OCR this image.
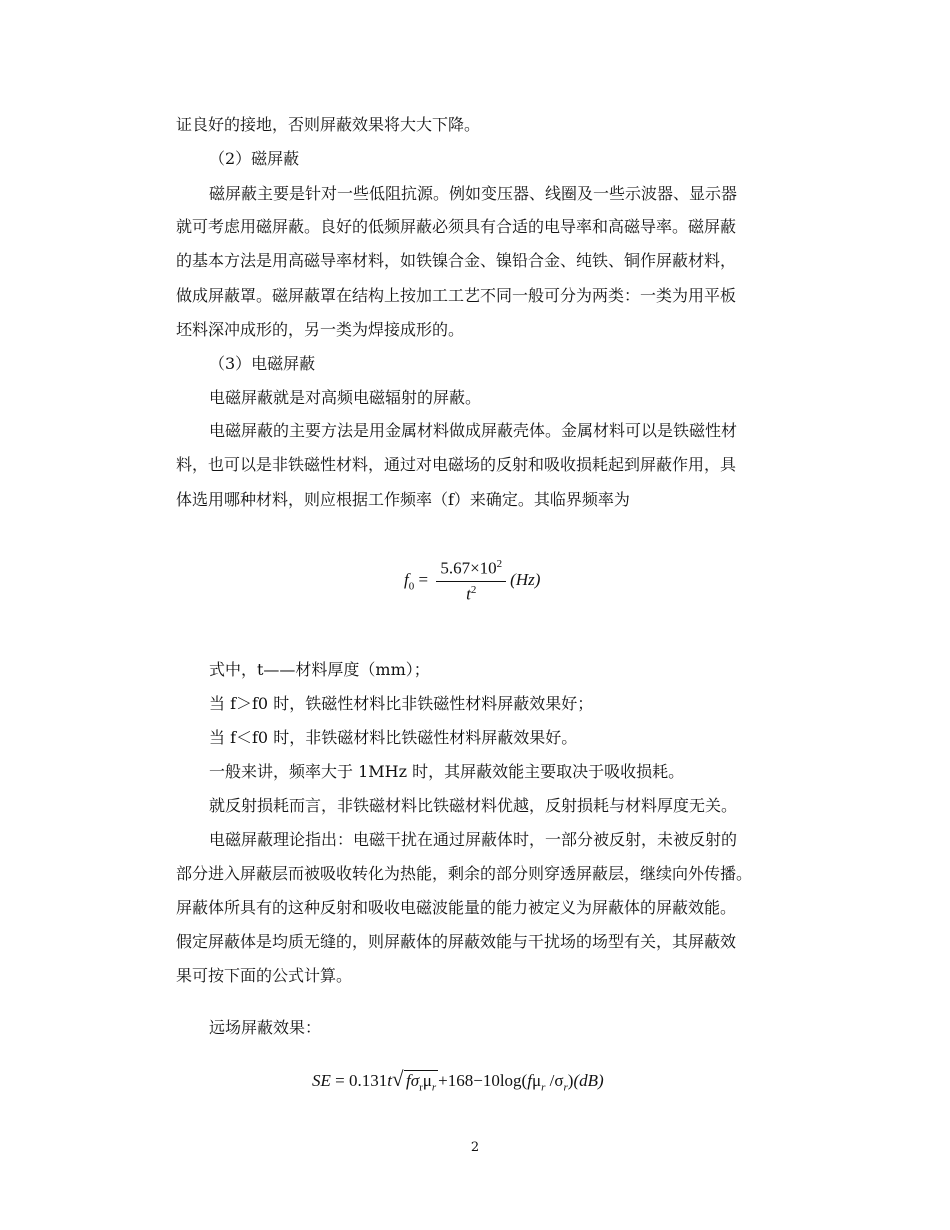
证良好的接地，否则屏蔽效果将大大下降。
（2）磁屏蔽
磁屏蔽主要是针对一些低阻抗源。例如变压器、线圈及一些示波器、显示器
就可考虑用磁屏蔽。良好的低频屏蔽必须具有合适的电导率和高磁导率。磁屏蔽
的基本方法是用高磁导率材料，如铁镍合金、镍铅合金、纯铁、铜作屏蔽材料，
做成屏蔽罩。磁屏蔽罩在结构上按加工工艺不同一般可分为两类：一类为用平板
坯料深冲成形的，另一类为焊接成形的。
（3）电磁屏蔽
电磁屏蔽就是对高频电磁辐射的屏蔽。
电磁屏蔽的主要方法是用金属材料做成屏蔽壳体。金属材料可以是铁磁性材
料，也可以是非铁磁性材料，通过对电磁场的反射和吸收损耗起到屏蔽作用，具
体选用哪种材料，则应根据工作频率（f）来确定。其临界频率为
$f_0 = \frac{5.67\times 10^2}{t^2} (Hz)$
式中，t——材料厚度（mm）；
当 f＞f0 时，铁磁性材料比非铁磁性材料屏蔽效果好；
当 f＜f0 时，非铁磁材料比铁磁性材料屏蔽效果好。
一般来讲，频率大于 1MHz 时，其屏蔽效能主要取决于吸收损耗。
就反射损耗而言，非铁磁材料比铁磁材料优越，反射损耗与材料厚度无关。
电磁屏蔽理论指出：电磁干扰在通过屏蔽体时，一部分被反射，未被反射的
部分进入屏蔽层而被吸收转化为热能，剩余的部分则穿透屏蔽层，继续向外传播。
屏蔽体所具有的这种反射和吸收电磁波能量的能力被定义为屏蔽体的屏蔽效能。
假定屏蔽体是均质无缝的，则屏蔽体的屏蔽效能与干扰场的场型有关，其屏蔽效
果可按下面的公式计算。
远场屏蔽效果：
SE = 0.131t√ $f\sigma_r\mu_r +168-10\log(f\mu_r$ $/\sigma_r)(dB)$
2
